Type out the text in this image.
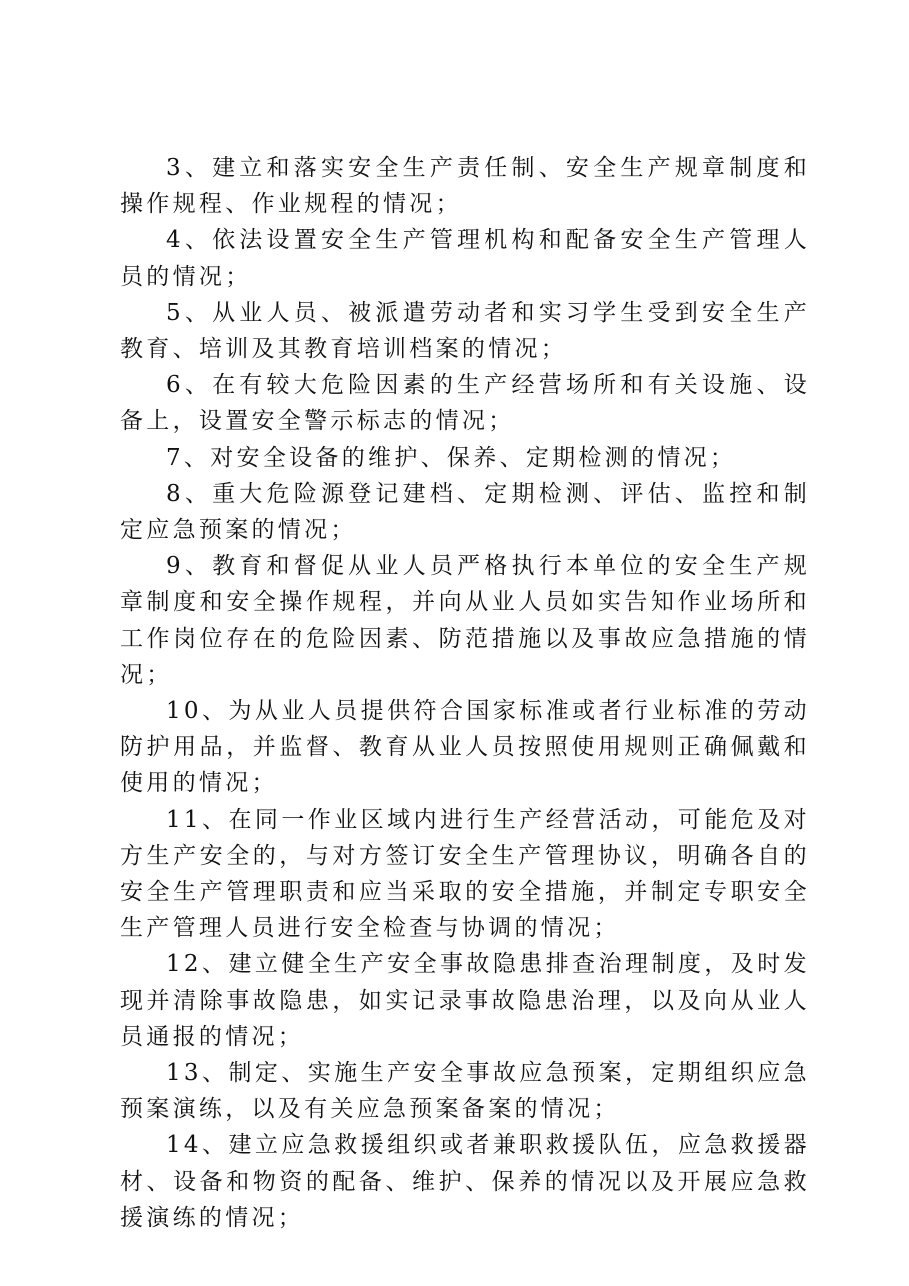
3、建立和落实安全生产责任制、安全生产规章制度和操作规程、作业规程的情况；

4、依法设置安全生产管理机构和配备安全生产管理人员的情况；

5、从业人员、被派遣劳动者和实习学生受到安全生产教育、培训及其教育培训档案的情况；

6、在有较大危险因素的生产经营场所和有关设施、设备上，设置安全警示标志的情况；

7、对安全设备的维护、保养、定期检测的情况；

8、重大危险源登记建档、定期检测、评估、监控和制定应急预案的情况；

9、教育和督促从业人员严格执行本单位的安全生产规章制度和安全操作规程，并向从业人员如实告知作业场所和工作岗位存在的危险因素、防范措施以及事故应急措施的情况；

10、为从业人员提供符合国家标准或者行业标准的劳动防护用品，并监督、教育从业人员按照使用规则正确佩戴和使用的情况；

11、在同一作业区域内进行生产经营活动，可能危及对方生产安全的，与对方签订安全生产管理协议，明确各自的安全生产管理职责和应当采取的安全措施，并制定专职安全生产管理人员进行安全检查与协调的情况；

12、建立健全生产安全事故隐患排查治理制度，及时发现并清除事故隐患，如实记录事故隐患治理，以及向从业人员通报的情况；

13、制定、实施生产安全事故应急预案，定期组织应急预案演练，以及有关应急预案备案的情况；

14、建立应急救援组织或者兼职救援队伍，应急救援器材、设备和物资的配备、维护、保养的情况以及开展应急救援演练的情况；
